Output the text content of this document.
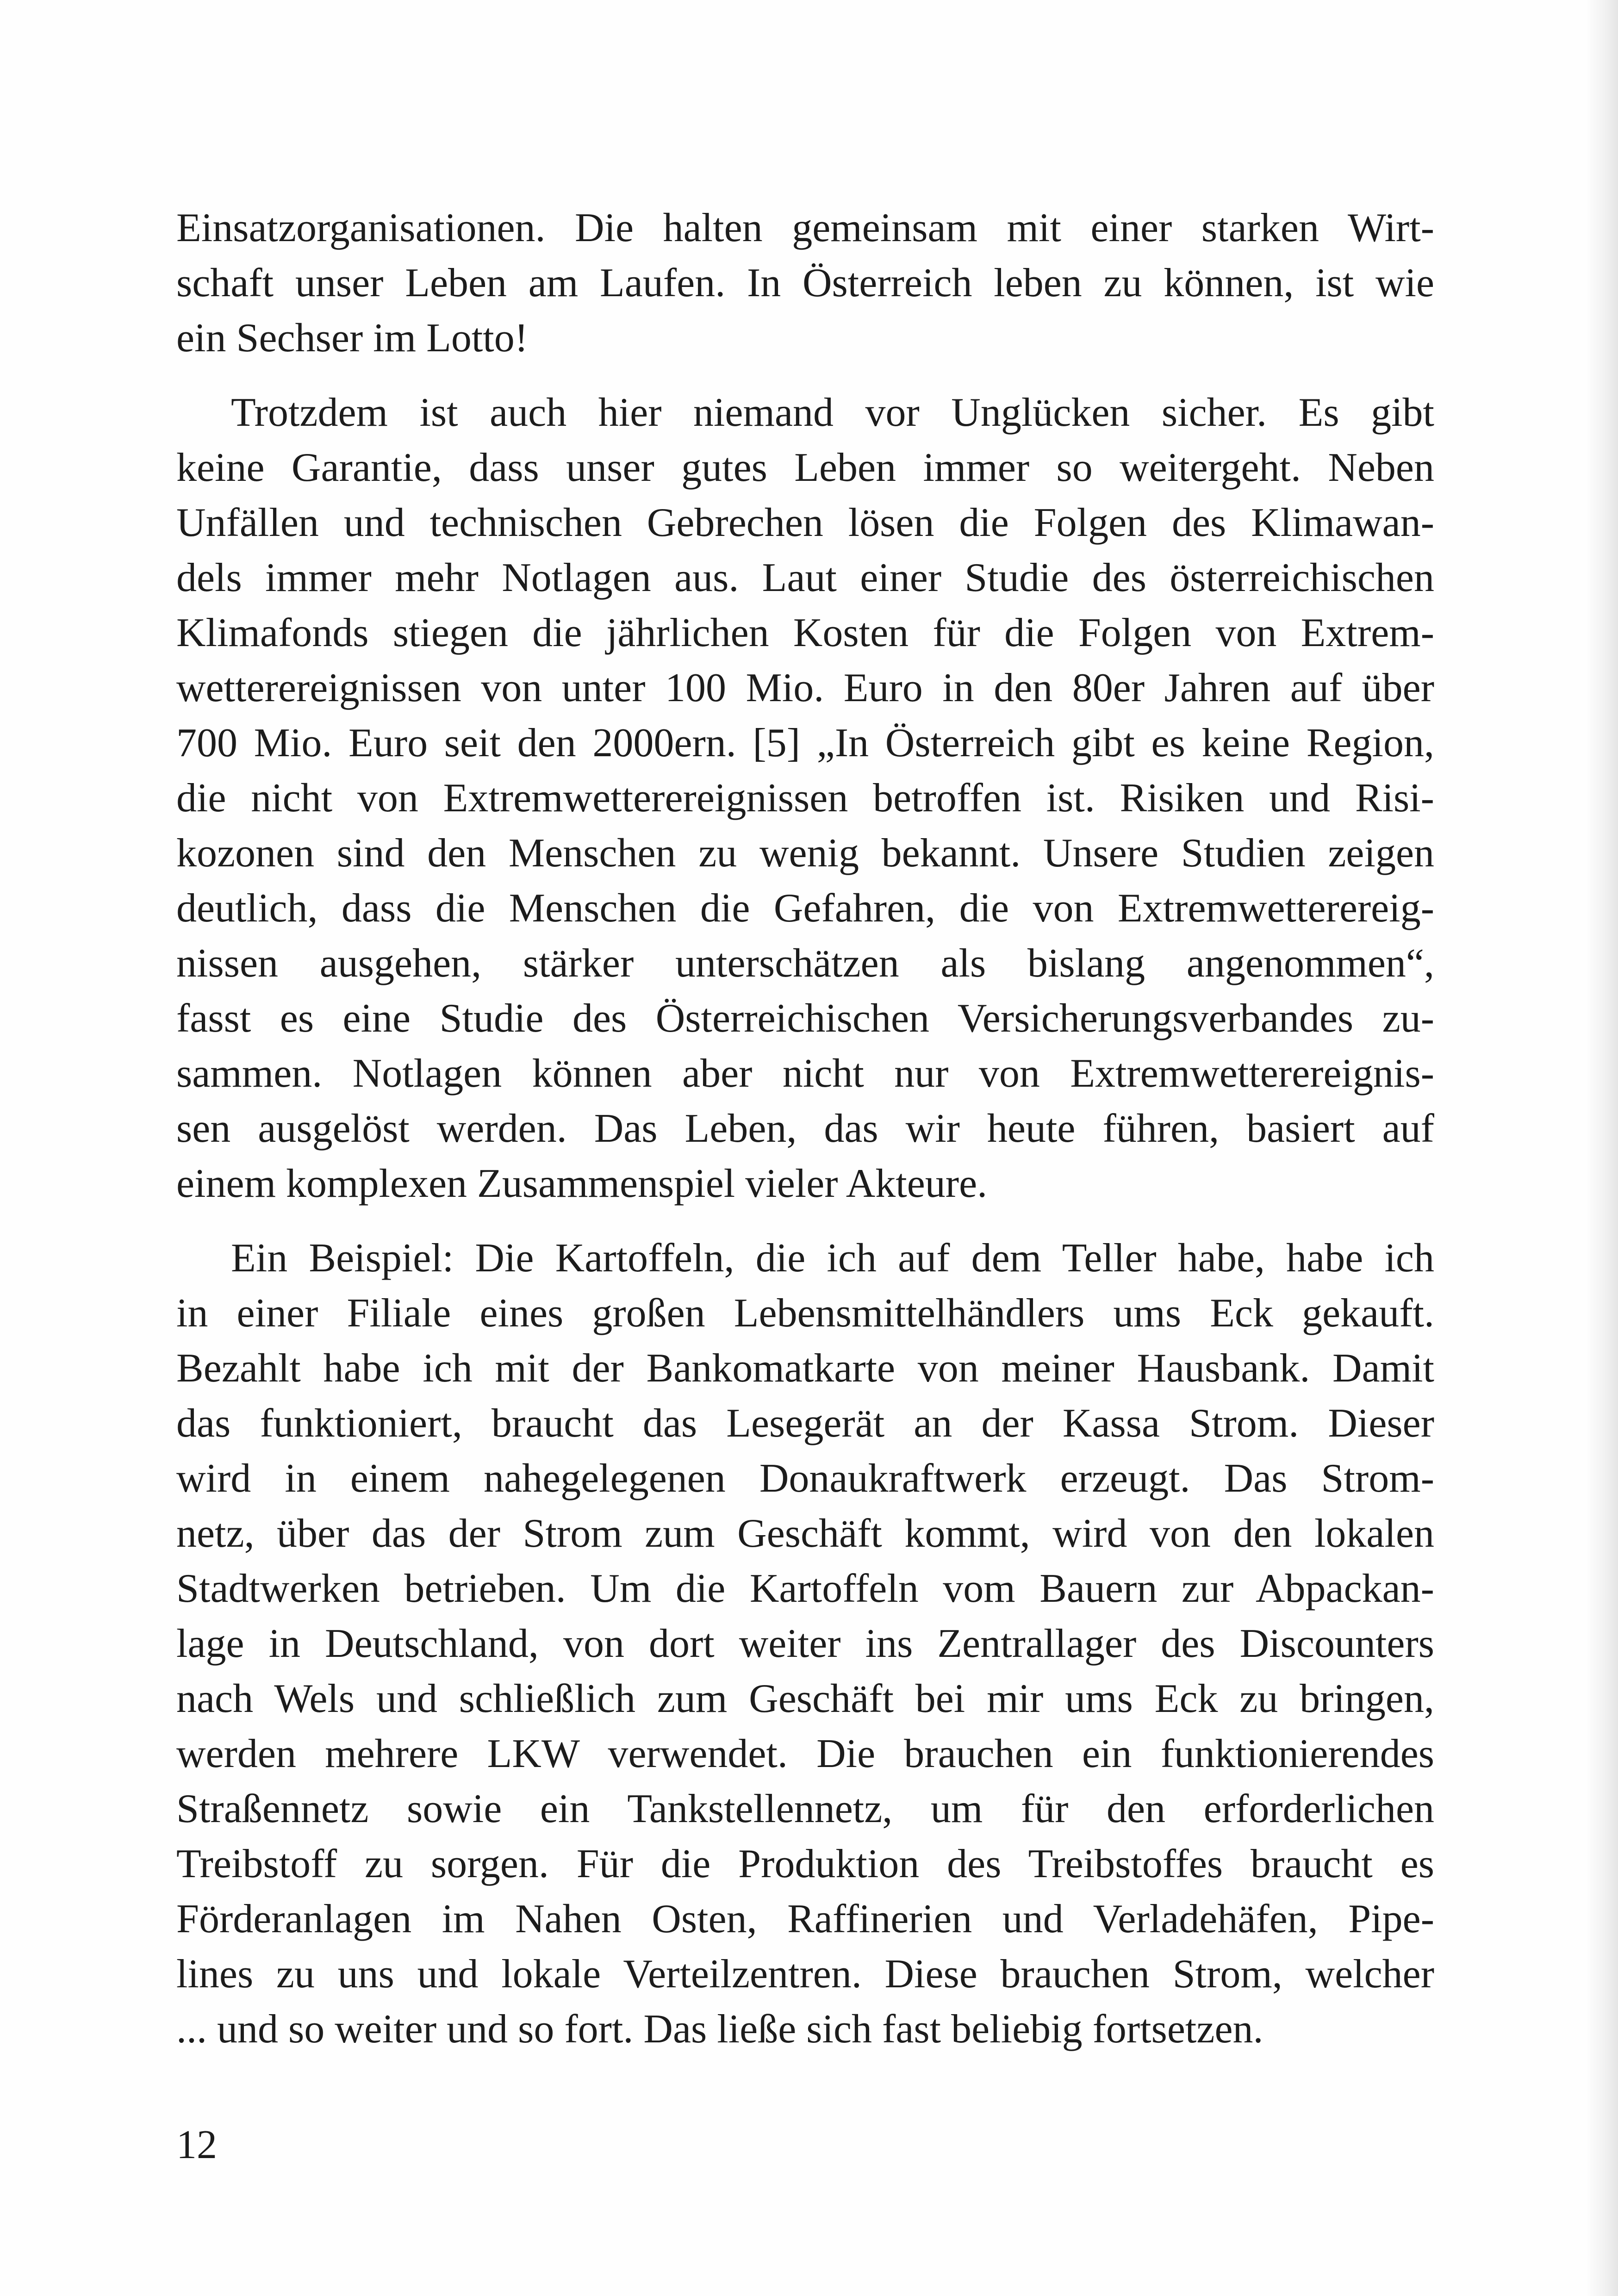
Einsatzorganisationen. Die halten gemeinsam mit einer starken Wirt-
schaft unser Leben am Laufen. In Österreich leben zu können, ist wie
ein Sechser im Lotto!
Trotzdem ist auch hier niemand vor Unglücken sicher. Es gibt
keine Garantie, dass unser gutes Leben immer so weitergeht. Neben
Unfällen und technischen Gebrechen lösen die Folgen des Klimawan-
dels immer mehr Notlagen aus. Laut einer Studie des österreichischen
Klimafonds stiegen die jährlichen Kosten für die Folgen von Extrem-
wetterereignissen von unter 100 Mio. Euro in den 80er Jahren auf über
700 Mio. Euro seit den 2000ern. [5] „In Österreich gibt es keine Region,
die nicht von Extremwetterereignissen betroffen ist. Risiken und Risi-
kozonen sind den Menschen zu wenig bekannt. Unsere Studien zeigen
deutlich, dass die Menschen die Gefahren, die von Extremwetterereig-
nissen ausgehen, stärker unterschätzen als bislang angenommen“,
fasst es eine Studie des Österreichischen Versicherungsverbandes zu-
sammen. Notlagen können aber nicht nur von Extremwetterereignis-
sen ausgelöst werden. Das Leben, das wir heute führen, basiert auf
einem komplexen Zusammenspiel vieler Akteure.
Ein Beispiel: Die Kartoffeln, die ich auf dem Teller habe, habe ich
in einer Filiale eines großen Lebensmittelhändlers ums Eck gekauft.
Bezahlt habe ich mit der Bankomatkarte von meiner Hausbank. Damit
das funktioniert, braucht das Lesegerät an der Kassa Strom. Dieser
wird in einem nahegelegenen Donaukraftwerk erzeugt. Das Strom-
netz, über das der Strom zum Geschäft kommt, wird von den lokalen
Stadtwerken betrieben. Um die Kartoffeln vom Bauern zur Abpackan-
lage in Deutschland, von dort weiter ins Zentrallager des Discounters
nach Wels und schließlich zum Geschäft bei mir ums Eck zu bringen,
werden mehrere LKW verwendet. Die brauchen ein funktionierendes
Straßennetz sowie ein Tankstellennetz, um für den erforderlichen
Treibstoff zu sorgen. Für die Produktion des Treibstoffes braucht es
Förderanlagen im Nahen Osten, Raffinerien und Verladehäfen, Pipe-
lines zu uns und lokale Verteilzentren. Diese brauchen Strom, welcher
... und so weiter und so fort. Das ließe sich fast beliebig fortsetzen.
12
